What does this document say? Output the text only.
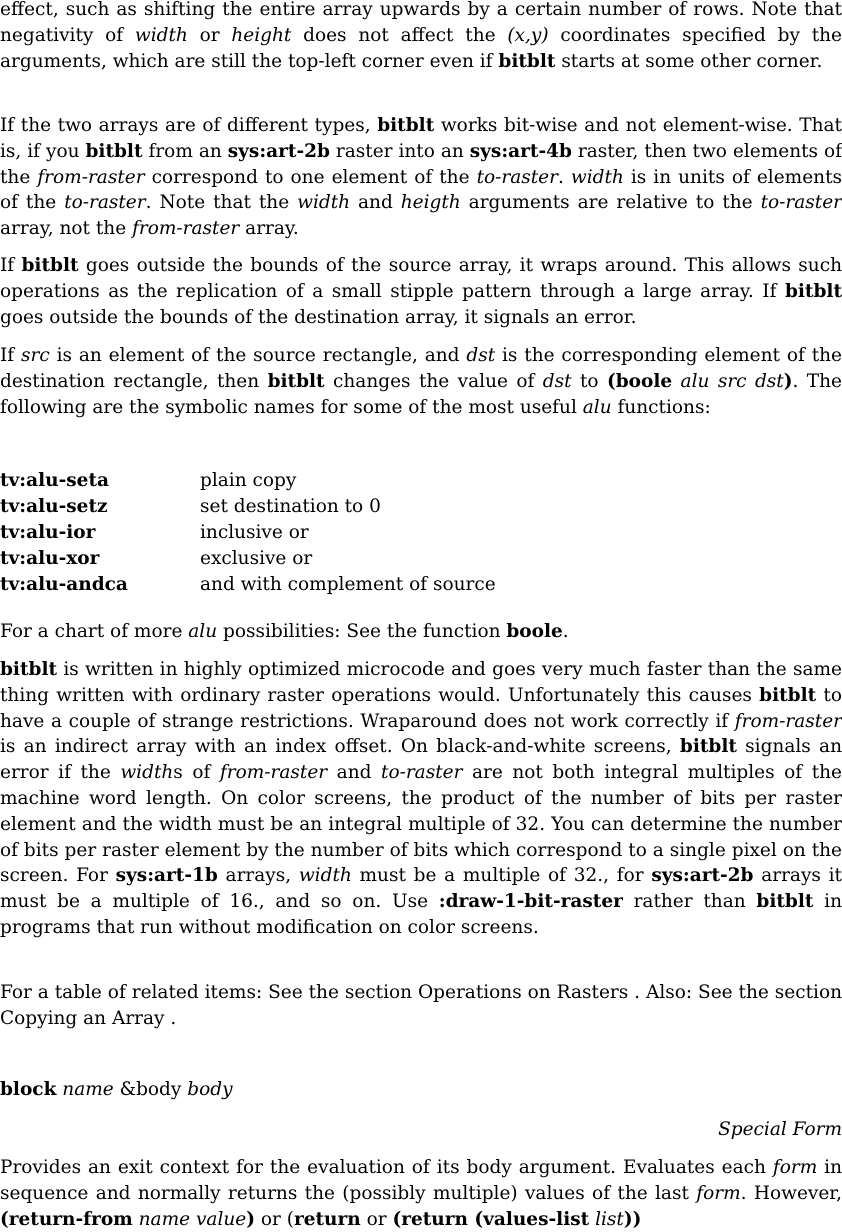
effect, such as shifting the entire array upwards by a certain number of rows. Note that negativity of width or height does not affect the (x,y) coordinates specified by the arguments, which are still the top-left corner even if bitblt starts at some other corner.

If the two arrays are of different types, bitblt works bit-wise and not element-wise. That is, if you bitblt from an sys:art-2b raster into an sys:art-4b raster, then two elements of the from-raster correspond to one element of the to-raster. width is in units of elements of the to-raster. Note that the width and heigth arguments are relative to the to-raster array, not the from-raster array.

If bitblt goes outside the bounds of the source array, it wraps around. This allows such operations as the replication of a small stipple pattern through a large array. If bitblt goes outside the bounds of the destination array, it signals an error.

If src is an element of the source rectangle, and dst is the corresponding element of the destination rectangle, then bitblt changes the value of dst to (boole alu src dst). The following are the symbolic names for some of the most useful alu functions:

tv:alu-seta	plain copy
tv:alu-setz	set destination to 0
tv:alu-ior	inclusive or
tv:alu-xor	exclusive or
tv:alu-andca	and with complement of source

For a chart of more alu possibilities: See the function boole.

bitblt is written in highly optimized microcode and goes very much faster than the same thing written with ordinary raster operations would. Unfortunately this causes bitblt to have a couple of strange restrictions. Wraparound does not work correctly if from-raster is an indirect array with an index offset. On black-and-white screens, bitblt signals an error if the widths of from-raster and to-raster are not both integral multiples of the machine word length. On color screens, the product of the number of bits per raster element and the width must be an integral multiple of 32. You can determine the number of bits per raster element by the number of bits which correspond to a single pixel on the screen. For sys:art-1b arrays, width must be a multiple of 32., for sys:art-2b arrays it must be a multiple of 16., and so on. Use :draw-1-bit-raster rather than bitblt in programs that run without modification on color screens.

For a table of related items: See the section Operations on Rasters . Also: See the section Copying an Array .

block name &body body
Special Form

Provides an exit context for the evaluation of its body argument. Evaluates each form in sequence and normally returns the (possibly multiple) values of the last form. However, (return-from name value) or (return or (return (values-list list))
